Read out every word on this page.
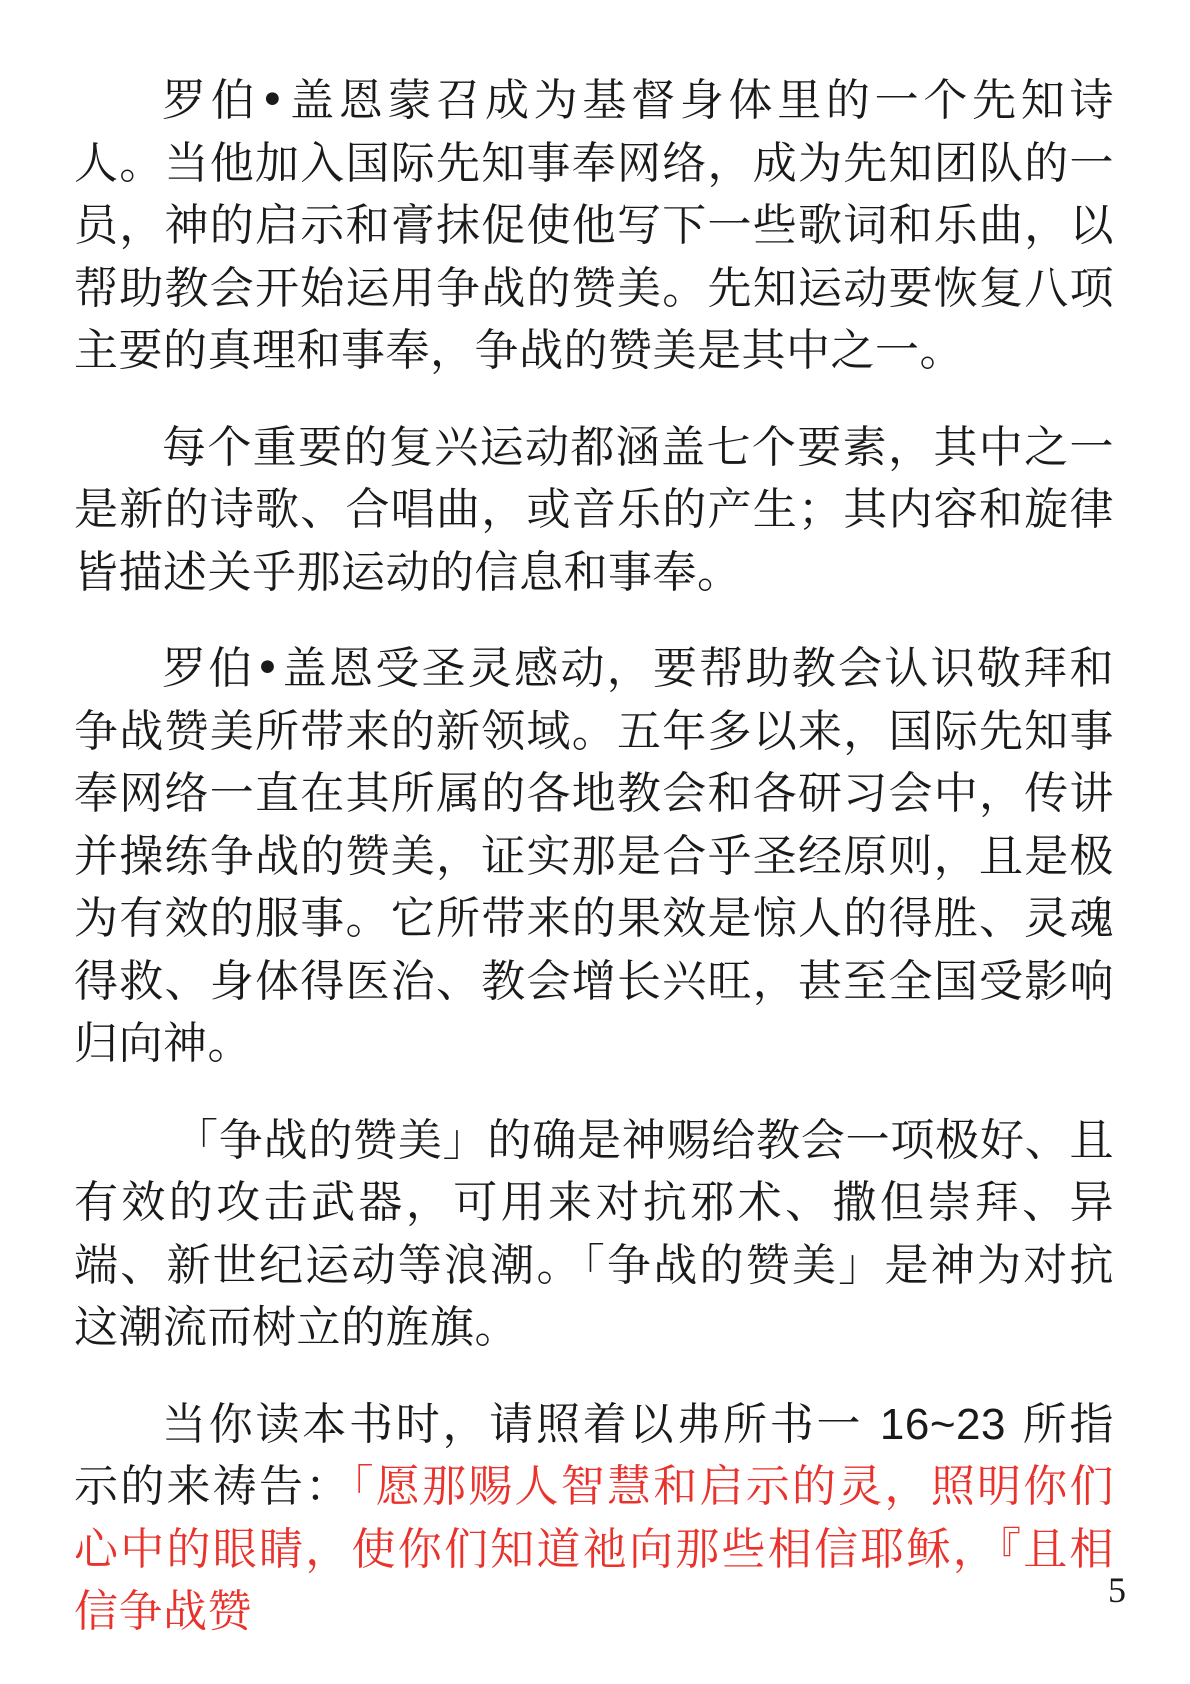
罗伯•盖恩蒙召成为基督身体里的一个先知诗人。当他加入国际先知事奉网络，成为先知团队的一员，神的启示和膏抹促使他写下一些歌词和乐曲，以帮助教会开始运用争战的赞美。先知运动要恢复八项主要的真理和事奉，争战的赞美是其中之一。

每个重要的复兴运动都涵盖七个要素，其中之一是新的诗歌、合唱曲，或音乐的产生；其内容和旋律皆描述关乎那运动的信息和事奉。

罗伯•盖恩受圣灵感动，要帮助教会认识敬拜和争战赞美所带来的新领域。五年多以来，国际先知事奉网络一直在其所属的各地教会和各研习会中，传讲并操练争战的赞美，证实那是合乎圣经原则，且是极为有效的服事。它所带来的果效是惊人的得胜、灵魂得救、身体得医治、教会增长兴旺，甚至全国受影响归向神。

「争战的赞美」的确是神赐给教会一项极好、且有效的攻击武器，可用来对抗邪术、撒但崇拜、异端、新世纪运动等浪潮。「争战的赞美」是神为对抗这潮流而树立的旌旗。

当你读本书时，请照着以弗所书一 16~23 所指示的来祷告：「愿那赐人智慧和启示的灵，照明你们心中的眼睛，使你们知道祂向那些相信耶稣，『且相信争战赞	5
